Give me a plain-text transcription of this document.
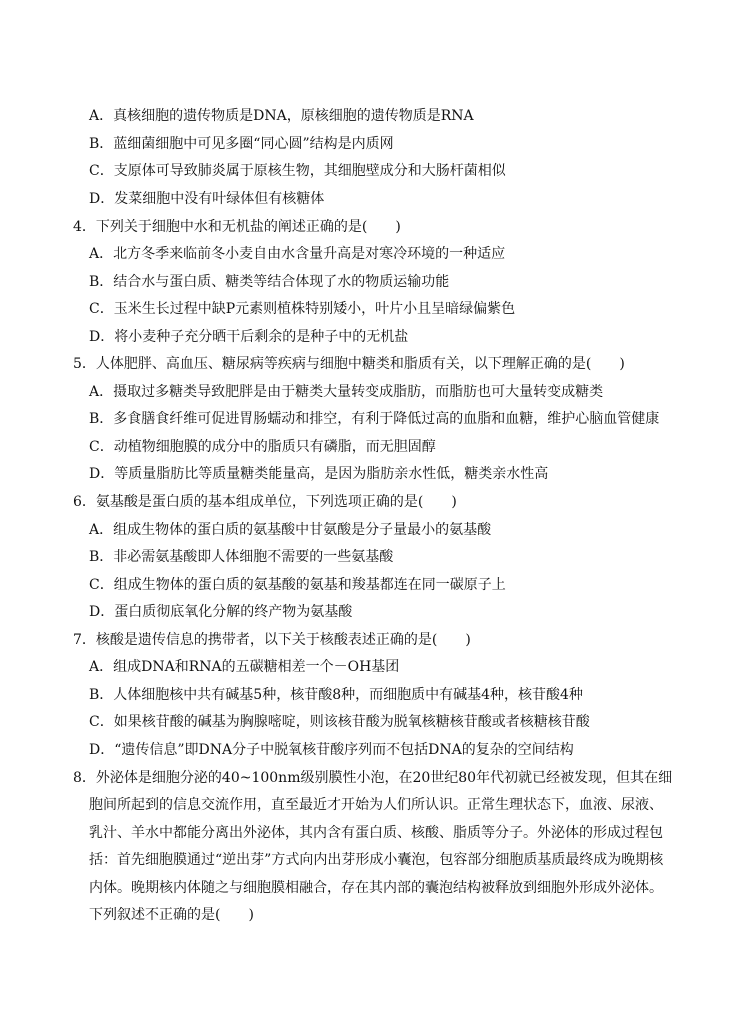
A．真核细胞的遗传物质是DNA，原核细胞的遗传物质是RNA
B．蓝细菌细胞中可见多圈“同心圆”结构是内质网
C．支原体可导致肺炎属于原核生物，其细胞壁成分和大肠杆菌相似
D．发菜细胞中没有叶绿体但有核糖体
4．下列关于细胞中水和无机盐的阐述正确的是(　　)
A．北方冬季来临前冬小麦自由水含量升高是对寒冷环境的一种适应
B．结合水与蛋白质、糖类等结合体现了水的物质运输功能
C．玉米生长过程中缺P元素则植株特别矮小，叶片小且呈暗绿偏紫色
D．将小麦种子充分晒干后剩余的是种子中的无机盐
5．人体肥胖、高血压、糖尿病等疾病与细胞中糖类和脂质有关，以下理解正确的是(　　)
A．摄取过多糖类导致肥胖是由于糖类大量转变成脂肪，而脂肪也可大量转变成糖类
B．多食膳食纤维可促进胃肠蠕动和排空，有利于降低过高的血脂和血糖，维护心脑血管健康
C．动植物细胞膜的成分中的脂质只有磷脂，而无胆固醇
D．等质量脂肪比等质量糖类能量高，是因为脂肪亲水性低，糖类亲水性高
6．氨基酸是蛋白质的基本组成单位，下列选项正确的是(　　)
A．组成生物体的蛋白质的氨基酸中甘氨酸是分子量最小的氨基酸
B．非必需氨基酸即人体细胞不需要的一些氨基酸
C．组成生物体的蛋白质的氨基酸的氨基和羧基都连在同一碳原子上
D．蛋白质彻底氧化分解的终产物为氨基酸
7．核酸是遗传信息的携带者，以下关于核酸表述正确的是(　　)
A．组成DNA和RNA的五碳糖相差一个－OH基团
B．人体细胞核中共有碱基5种，核苷酸8种，而细胞质中有碱基4种，核苷酸4种
C．如果核苷酸的碱基为胸腺嘧啶，则该核苷酸为脱氧核糖核苷酸或者核糖核苷酸
D．“遗传信息”即DNA分子中脱氧核苷酸序列而不包括DNA的复杂的空间结构
8．外泌体是细胞分泌的40~100nm级别膜性小泡，在20世纪80年代初就已经被发现，但其在细
胞间所起到的信息交流作用，直至最近才开始为人们所认识。正常生理状态下，血液、尿液、
乳汁、羊水中都能分离出外泌体，其内含有蛋白质、核酸、脂质等分子。外泌体的形成过程包
括：首先细胞膜通过“逆出芽”方式向内出芽形成小囊泡，包容部分细胞质基质最终成为晚期核
内体。晚期核内体随之与细胞膜相融合，存在其内部的囊泡结构被释放到细胞外形成外泌体。
下列叙述不正确的是(　　)
